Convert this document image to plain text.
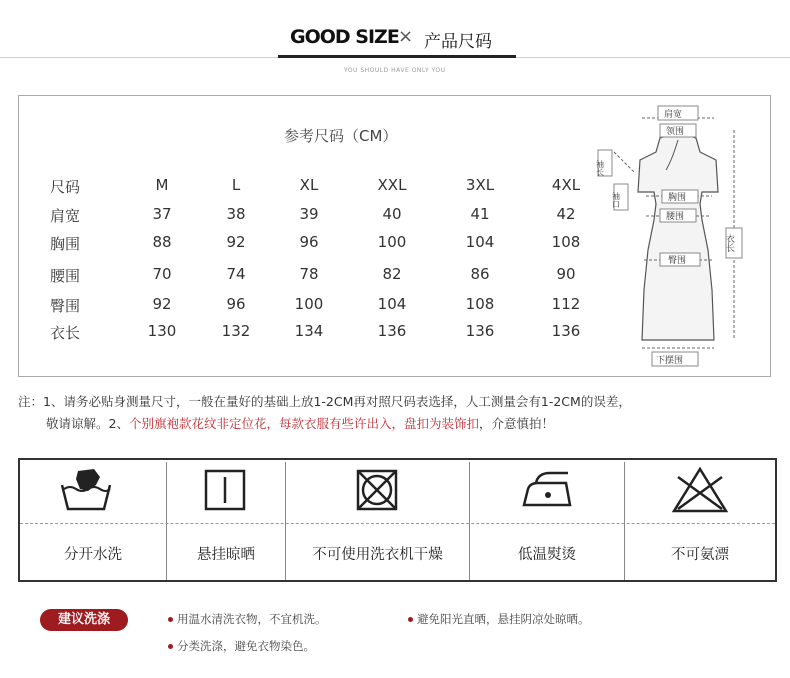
GOOD SIZE × 产品尺码
YOU SHOULD HAVE ONLY YOU
参考尺码（CM）
尺码	M	L	XL	XXL	3XL	4XL
肩宽	37	38	39	40	41	42
胸围	88	92	96	100	104	108
腰围	70	74	78	82	86	90
臀围	92	96	100	104	108	112
衣长	130	132	134	136	136	136
肩宽
领围
袖长
袖口	胸围
腰围
臀围
衣长
下摆围
注：1、请务必贴身测量尺寸，一般在量好的基础上放1-2CM再对照尺码表选择，人工测量会有1-2CM的误差，
敬请谅解。2、个别旗袍款花纹非定位花，每款衣服有些许出入，盘扣为装饰扣，介意慎拍！
分开水洗	悬挂晾晒	不可使用洗衣机干燥	低温熨烫	不可氨漂
建议洗涤	用温水清洗衣物，不宜机洗。	避免阳光直晒，悬挂阴凉处晾晒。
分类洗涤，避免衣物染色。
